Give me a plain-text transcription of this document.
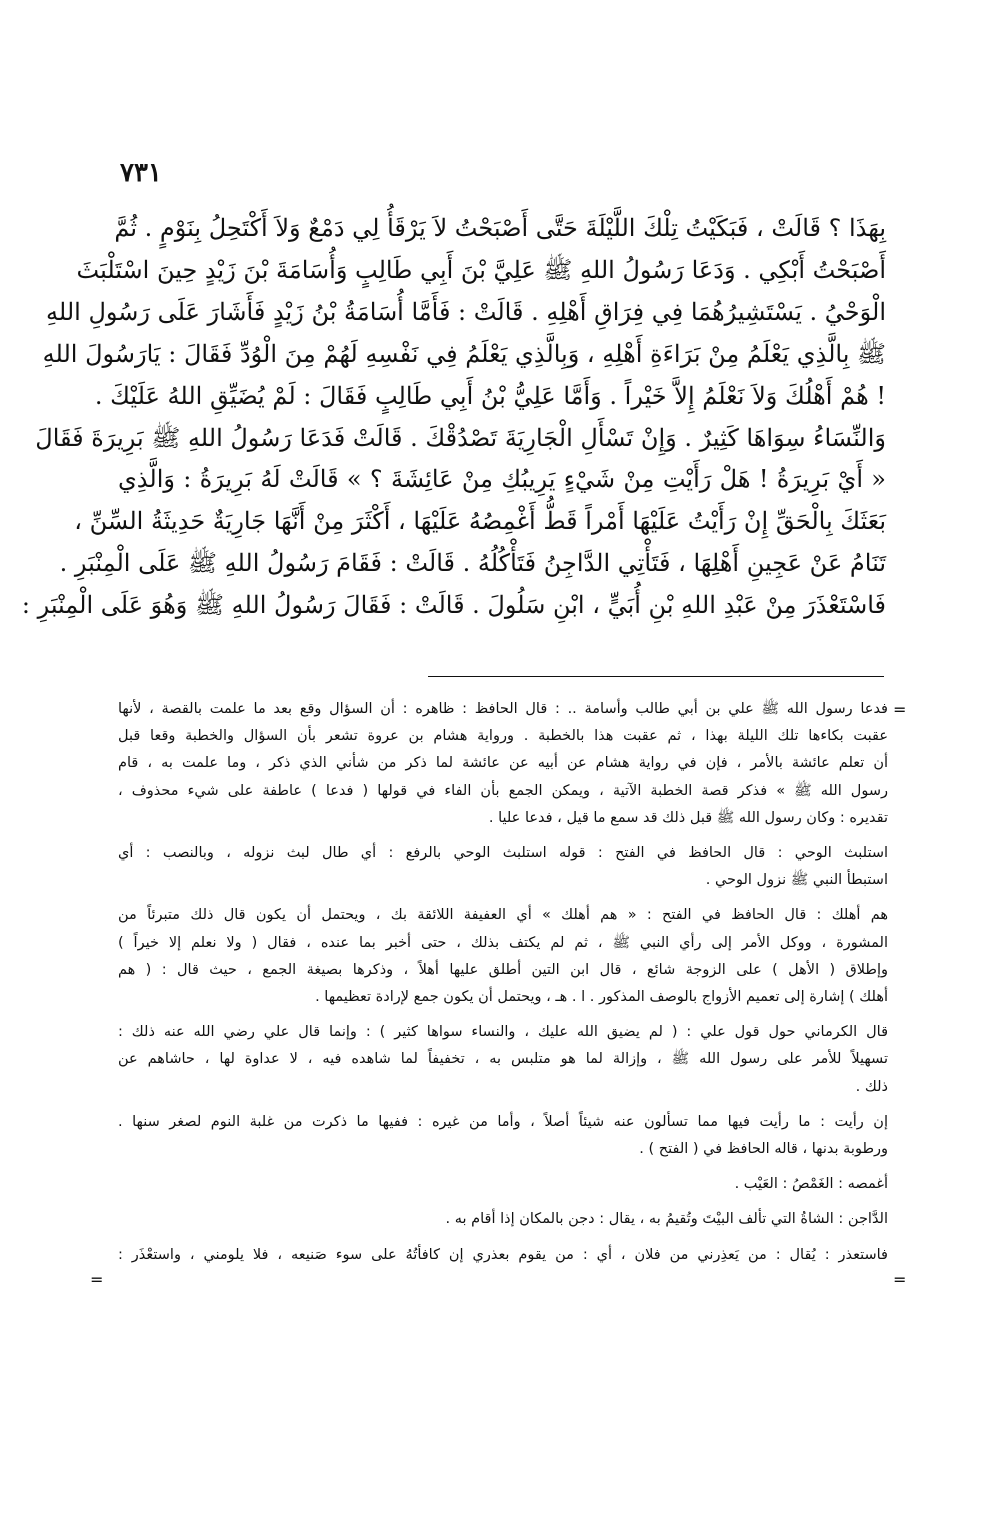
٧٣١
بِهَذَا ؟ قَالَتْ ، فَبَكَيْتُ تِلْكَ اللَّيْلَةَ حَتَّى أَصْبَحْتُ لاَ يَرْقَأُ لِي دَمْعٌ وَلاَ أَكْتَحِلُ بِنَوْمٍ . ثُمَّ
أَصْبَحْتُ أَبْكِي . وَدَعَا رَسُولُ اللهِ ﷺ عَلِيَّ بْنَ أَبِي طَالِبٍ وَأُسَامَةَ بْنَ زَيْدٍ حِينَ اسْتَلْبَثَ
الْوَحْيُ . يَسْتَشِيرُهُمَا فِي فِرَاقِ أَهْلِهِ . قَالَتْ : فَأَمَّا أُسَامَةُ بْنُ زَيْدٍ فَأَشَارَ عَلَى رَسُولِ اللهِ
ﷺ بِالَّذِي يَعْلَمُ مِنْ بَرَاءَةِ أَهْلِهِ ، وَبِالَّذِي يَعْلَمُ فِي نَفْسِهِ لَهُمْ مِنَ الْوُدِّ فَقَالَ : يَارَسُولَ اللهِ
! هُمْ أَهْلُكَ وَلاَ نَعْلَمُ إِلاَّ خَيْراً . وَأَمَّا عَلِيُّ بْنُ أَبِي طَالِبٍ فَقَالَ : لَمْ يُضَيِّقِ اللهُ عَلَيْكَ .
وَالنِّسَاءُ سِوَاهَا كَثِيرٌ . وَإِنْ تَسْأَلِ الْجَارِيَةَ تَصْدُقْكَ . قَالَتْ فَدَعَا رَسُولُ اللهِ ﷺ بَرِيرَةَ فَقَالَ
« أَيْ بَرِيرَةُ ! هَلْ رَأَيْتِ مِنْ شَيْءٍ يَرِيبُكِ مِنْ عَائِشَةَ ؟ » قَالَتْ لَهُ بَرِيرَةُ : وَالَّذِي
بَعَثَكَ بِالْحَقِّ إِنْ رَأَيْتُ عَلَيْهَا أَمْراً قَطُّ أَغْمِصُهُ عَلَيْهَا ، أَكْثَرَ مِنْ أَنَّهَا جَارِيَةٌ حَدِيثَةُ السِّنِّ ،
تَنَامُ عَنْ عَجِينِ أَهْلِهَا ، فَتَأْتِي الدَّاجِنُ فَتَأْكُلُهُ . قَالَتْ : فَقَامَ رَسُولُ اللهِ ﷺ عَلَى الْمِنْبَرِ .
فَاسْتَعْذَرَ مِنْ عَبْدِ اللهِ بْنِ أُبَيٍّ ، ابْنِ سَلُولَ . قَالَتْ : فَقَالَ رَسُولُ اللهِ ﷺ وَهُوَ عَلَى الْمِنْبَرِ :
=
فدعا رسول الله ﷺ علي بن أبي طالب وأسامة .. : قال الحافظ : ظاهره : أن السؤال وقع بعد ما علمت بالقصة ، لأنها
عقبت بكاءها تلك الليلة بهذا ، ثم عقبت هذا بالخطبة . ورواية هشام بن عروة تشعر بأن السؤال والخطبة وقعا قبل
أن تعلم عائشة بالأمر ، فإن في رواية هشام عن أبيه عن عائشة لما ذكر من شأني الذي ذكر ، وما علمت به ، قام
رسول الله ﷺ » فذكر قصة الخطبة الآتية ، ويمكن الجمع بأن الفاء في قولها ( فدعا ) عاطفة على شيء محذوف ،
تقديره : وكان رسول الله ﷺ قبل ذلك قد سمع ما قيل ، فدعا عليا .
استلبث الوحي : قال الحافظ في الفتح : قوله استلبث الوحي بالرفع : أي طال لبث نزوله ، وبالنصب : أي
استبطأ النبي ﷺ نزول الوحي .
هم أهلك : قال الحافظ في الفتح : « هم أهلك » أي العفيفة اللائقة بك ، ويحتمل أن يكون قال ذلك متبرئاً من
المشورة ، ووكل الأمر إلى رأي النبي ﷺ ، ثم لم يكتف بذلك ، حتى أخبر بما عنده ، فقال ( ولا نعلم إلا خيراً )
وإطلاق ( الأهل ) على الزوجة شائع ، قال ابن التين أطلق عليها أهلاً ، وذكرها بصيغة الجمع ، حيث قال : ( هم
أهلك ) إشارة إلى تعميم الأزواج بالوصف المذكور . ا . هـ ، ويحتمل أن يكون جمع لإرادة تعظيمها .
قال الكرماني حول قول علي : ( لم يضيق الله عليك ، والنساء سواها كثير ) : وإنما قال علي رضي الله عنه ذلك :
تسهيلاً للأمر على رسول الله ﷺ ، وإزالة لما هو متلبس به ، تخفيفاً لما شاهده فيه ، لا عداوة لها ، حاشاهم عن
ذلك .
إن رأيت : ما رأيت فيها مما تسألون عنه شيئاً أصلاً ، وأما من غيره : ففيها ما ذكرت من غلبة النوم لصغر سنها .
ورطوبة بدنها ، قاله الحافظ في ( الفتح ) .
أغمصه : الغَمْصُ : العَيْب .
الدَّاجن : الشاةُ التي تألف البيْتَ وتُقيمُ به ، يقال : دجن بالمكان إذا أقام به .
فاستعذر : يُقال : من يَعذِرني من فلان ، أي : من يقوم بعذري إن كافأتُهُ على سوء صَنيعه ، فلا يلومني ، واستعْذَر :
=	=
